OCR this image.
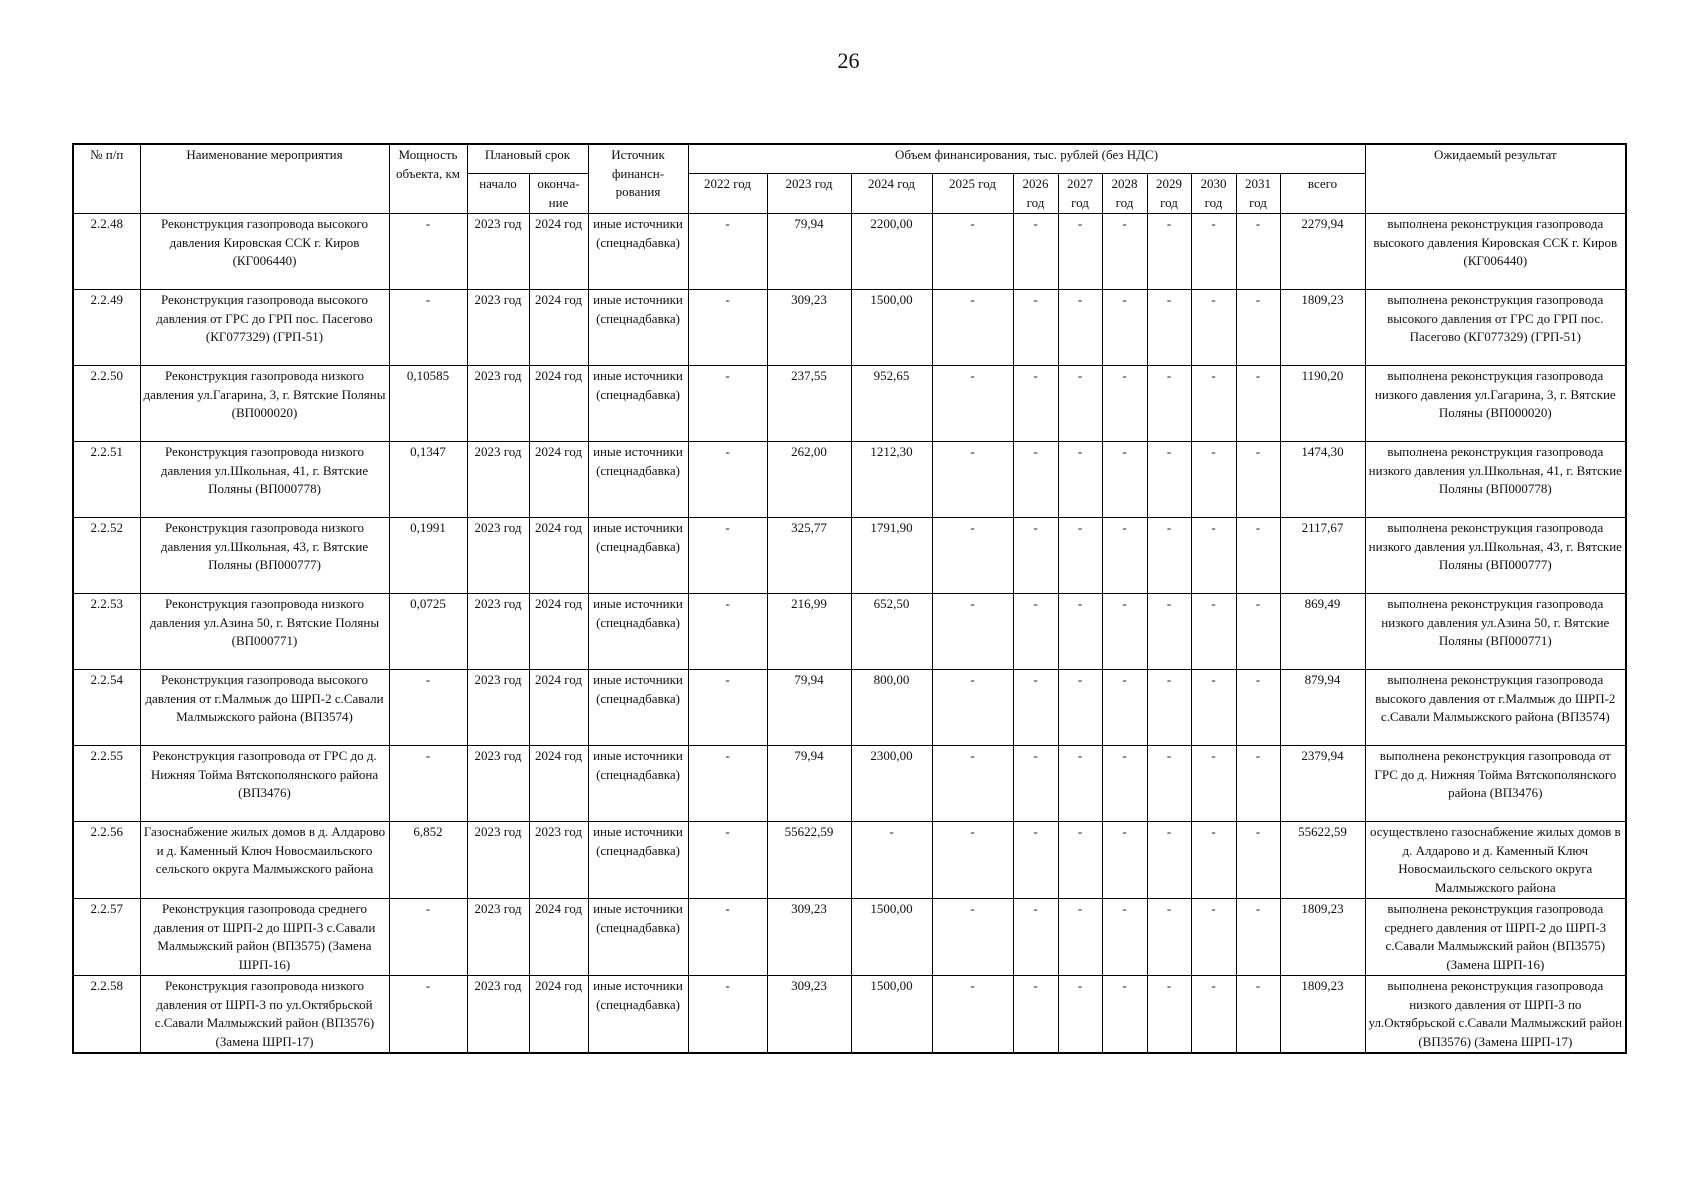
26
№ п/п	Наименование мероприятия	Мощность объекта, км	Плановый срок		Источник финансн-рования	Объем финансирования, тыс. рублей (без НДС)											Ожидаемый результат
			начало	оконча-ние		2022 год	2023 год	2024 год	2025 год	2026 год	2027 год	2028 год	2029 год	2030 год	2031 год	всего	
2.2.48	Реконструкция газопровода высокого давления Кировская ССК г. Киров (КГ006440)	-	2023 год	2024 год	иные источники (спецнадбавка)	-	79,94	2200,00	-	-	-	-	-	-	-	2279,94	выполнена реконструкция газопровода высокого давления Кировская ССК г. Киров (КГ006440)
2.2.49	Реконструкция газопровода высокого давления от ГРС до ГРП пос. Пасегово (КГ077329) (ГРП-51)	-	2023 год	2024 год	иные источники (спецнадбавка)	-	309,23	1500,00	-	-	-	-	-	-	-	1809,23	выполнена реконструкция газопровода высокого давления от ГРС до ГРП пос. Пасегово (КГ077329) (ГРП-51)
2.2.50	Реконструкция газопровода низкого давления ул.Гагарина, 3, г. Вятские Поляны (ВП000020)	0,10585	2023 год	2024 год	иные источники (спецнадбавка)	-	237,55	952,65	-	-	-	-	-	-	-	1190,20	выполнена реконструкция газопровода низкого давления ул.Гагарина, 3, г. Вятские Поляны (ВП000020)
2.2.51	Реконструкция газопровода низкого давления ул.Школьная, 41, г. Вятские Поляны (ВП000778)	0,1347	2023 год	2024 год	иные источники (спецнадбавка)	-	262,00	1212,30	-	-	-	-	-	-	-	1474,30	выполнена реконструкция газопровода низкого давления ул.Школьная, 41, г. Вятские Поляны (ВП000778)
2.2.52	Реконструкция газопровода низкого давления ул.Школьная, 43, г. Вятские Поляны (ВП000777)	0,1991	2023 год	2024 год	иные источники (спецнадбавка)	-	325,77	1791,90	-	-	-	-	-	-	-	2117,67	выполнена реконструкция газопровода низкого давления ул.Школьная, 43, г. Вятские Поляны (ВП000777)
2.2.53	Реконструкция газопровода низкого давления ул.Азина 50, г. Вятские Поляны (ВП000771)	0,0725	2023 год	2024 год	иные источники (спецнадбавка)	-	216,99	652,50	-	-	-	-	-	-	-	869,49	выполнена реконструкция газопровода низкого давления ул.Азина 50, г. Вятские Поляны (ВП000771)
2.2.54	Реконструкция газопровода высокого давления от г.Малмыж до ШРП-2 с.Савали Малмыжского района (ВП3574)	-	2023 год	2024 год	иные источники (спецнадбавка)	-	79,94	800,00	-	-	-	-	-	-	-	879,94	выполнена реконструкция газопровода высокого давления от г.Малмыж до ШРП-2 с.Савали Малмыжского района (ВП3574)
2.2.55	Реконструкция газопровода от ГРС до д. Нижняя Тойма Вятскополянского района (ВП3476)	-	2023 год	2024 год	иные источники (спецнадбавка)	-	79,94	2300,00	-	-	-	-	-	-	-	2379,94	выполнена реконструкция газопровода от ГРС до д. Нижняя Тойма Вятскополянского района (ВП3476)
2.2.56	Газоснабжение жилых домов в д. Алдарово и д. Каменный Ключ Новосмаильского сельского округа Малмыжского района	6,852	2023 год	2023 год	иные источники (спецнадбавка)	-	55622,59	-	-	-	-	-	-	-	-	55622,59	осуществлено газоснабжение жилых домов в д. Алдарово и д. Каменный Ключ Новосмаильского сельского округа Малмыжского района
2.2.57	Реконструкция газопровода среднего давления от ШРП-2 до ШРП-3 с.Савали Малмыжский район (ВП3575) (Замена ШРП-16)	-	2023 год	2024 год	иные источники (спецнадбавка)	-	309,23	1500,00	-	-	-	-	-	-	-	1809,23	выполнена реконструкция газопровода среднего давления от ШРП-2 до ШРП-3 с.Савали Малмыжский район (ВП3575) (Замена ШРП-16)
2.2.58	Реконструкция газопровода низкого давления от ШРП-3 по ул.Октябрьской с.Савали Малмыжский район (ВП3576) (Замена ШРП-17)	-	2023 год	2024 год	иные источники (спецнадбавка)	-	309,23	1500,00	-	-	-	-	-	-	-	1809,23	выполнена реконструкция газопровода низкого давления от ШРП-3 по ул.Октябрьской с.Савали Малмыжский район (ВП3576) (Замена ШРП-17)
